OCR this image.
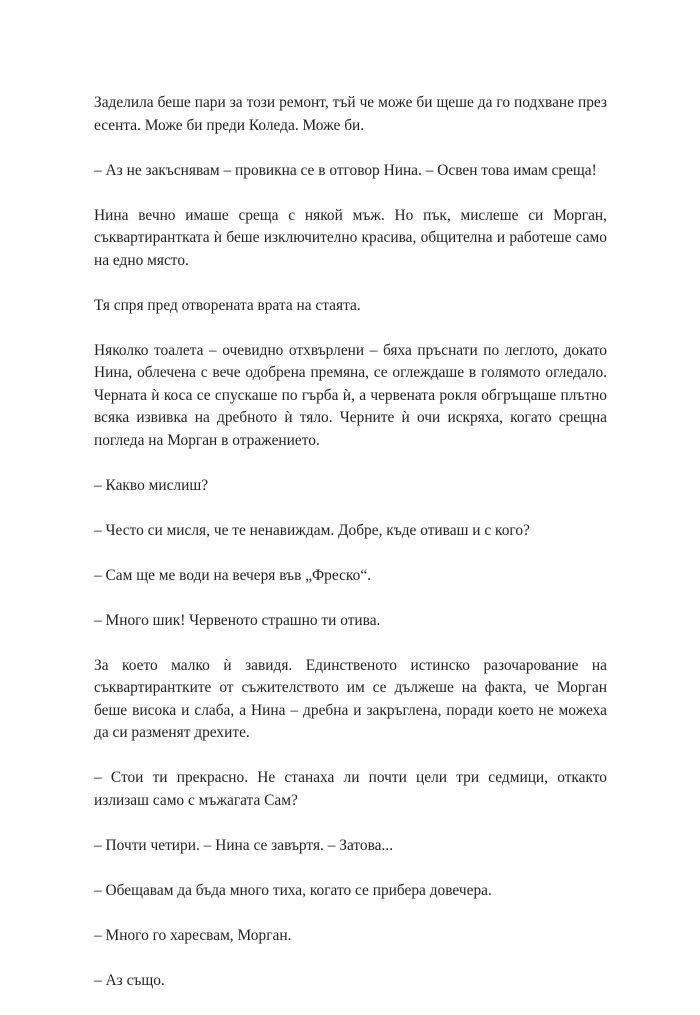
Заделила беше пари за този ремонт, тъй че може би щеше да го подхване през есента. Може би преди Коледа. Може би.

– Аз не закъснявам – провикна се в отговор Нина. – Освен това имам среща!

Нина вечно имаше среща с някой мъж. Но пък, мислеше си Морган, съквартирантката ѝ беше изключително красива, общителна и работеше само на едно място.

Тя спря пред отворената врата на стаята.

Няколко тоалета – очевидно отхвърлени – бяха пръснати по леглото, докато Нина, облечена с вече одобрена премяна, се оглеждаше в голямото огледало. Черната ѝ коса се спускаше по гърба ѝ, а червената рокля обгръщаше плътно всяка извивка на дребното ѝ тяло. Черните ѝ очи искряха, когато срещна погледа на Морган в отражението.

– Какво мислиш?

– Често си мисля, че те ненавиждам. Добре, къде отиваш и с кого?

– Сам ще ме води на вечеря във „Фреско“.

– Много шик! Червеното страшно ти отива.

За което малко ѝ завидя. Единственото истинско разочарование на съквартирантките от съжителството им се дължеше на факта, че Морган беше висока и слаба, а Нина – дребна и закръглена, поради което не можеха да си разменят дрехите.

– Стои ти прекрасно. Не станаха ли почти цели три седмици, откакто излизаш само с мъжагата Сам?

– Почти четири. – Нина се завъртя. – Затова...

– Обещавам да бъда много тиха, когато се прибера довечера.

– Много го харесвам, Морган.

– Аз също.
